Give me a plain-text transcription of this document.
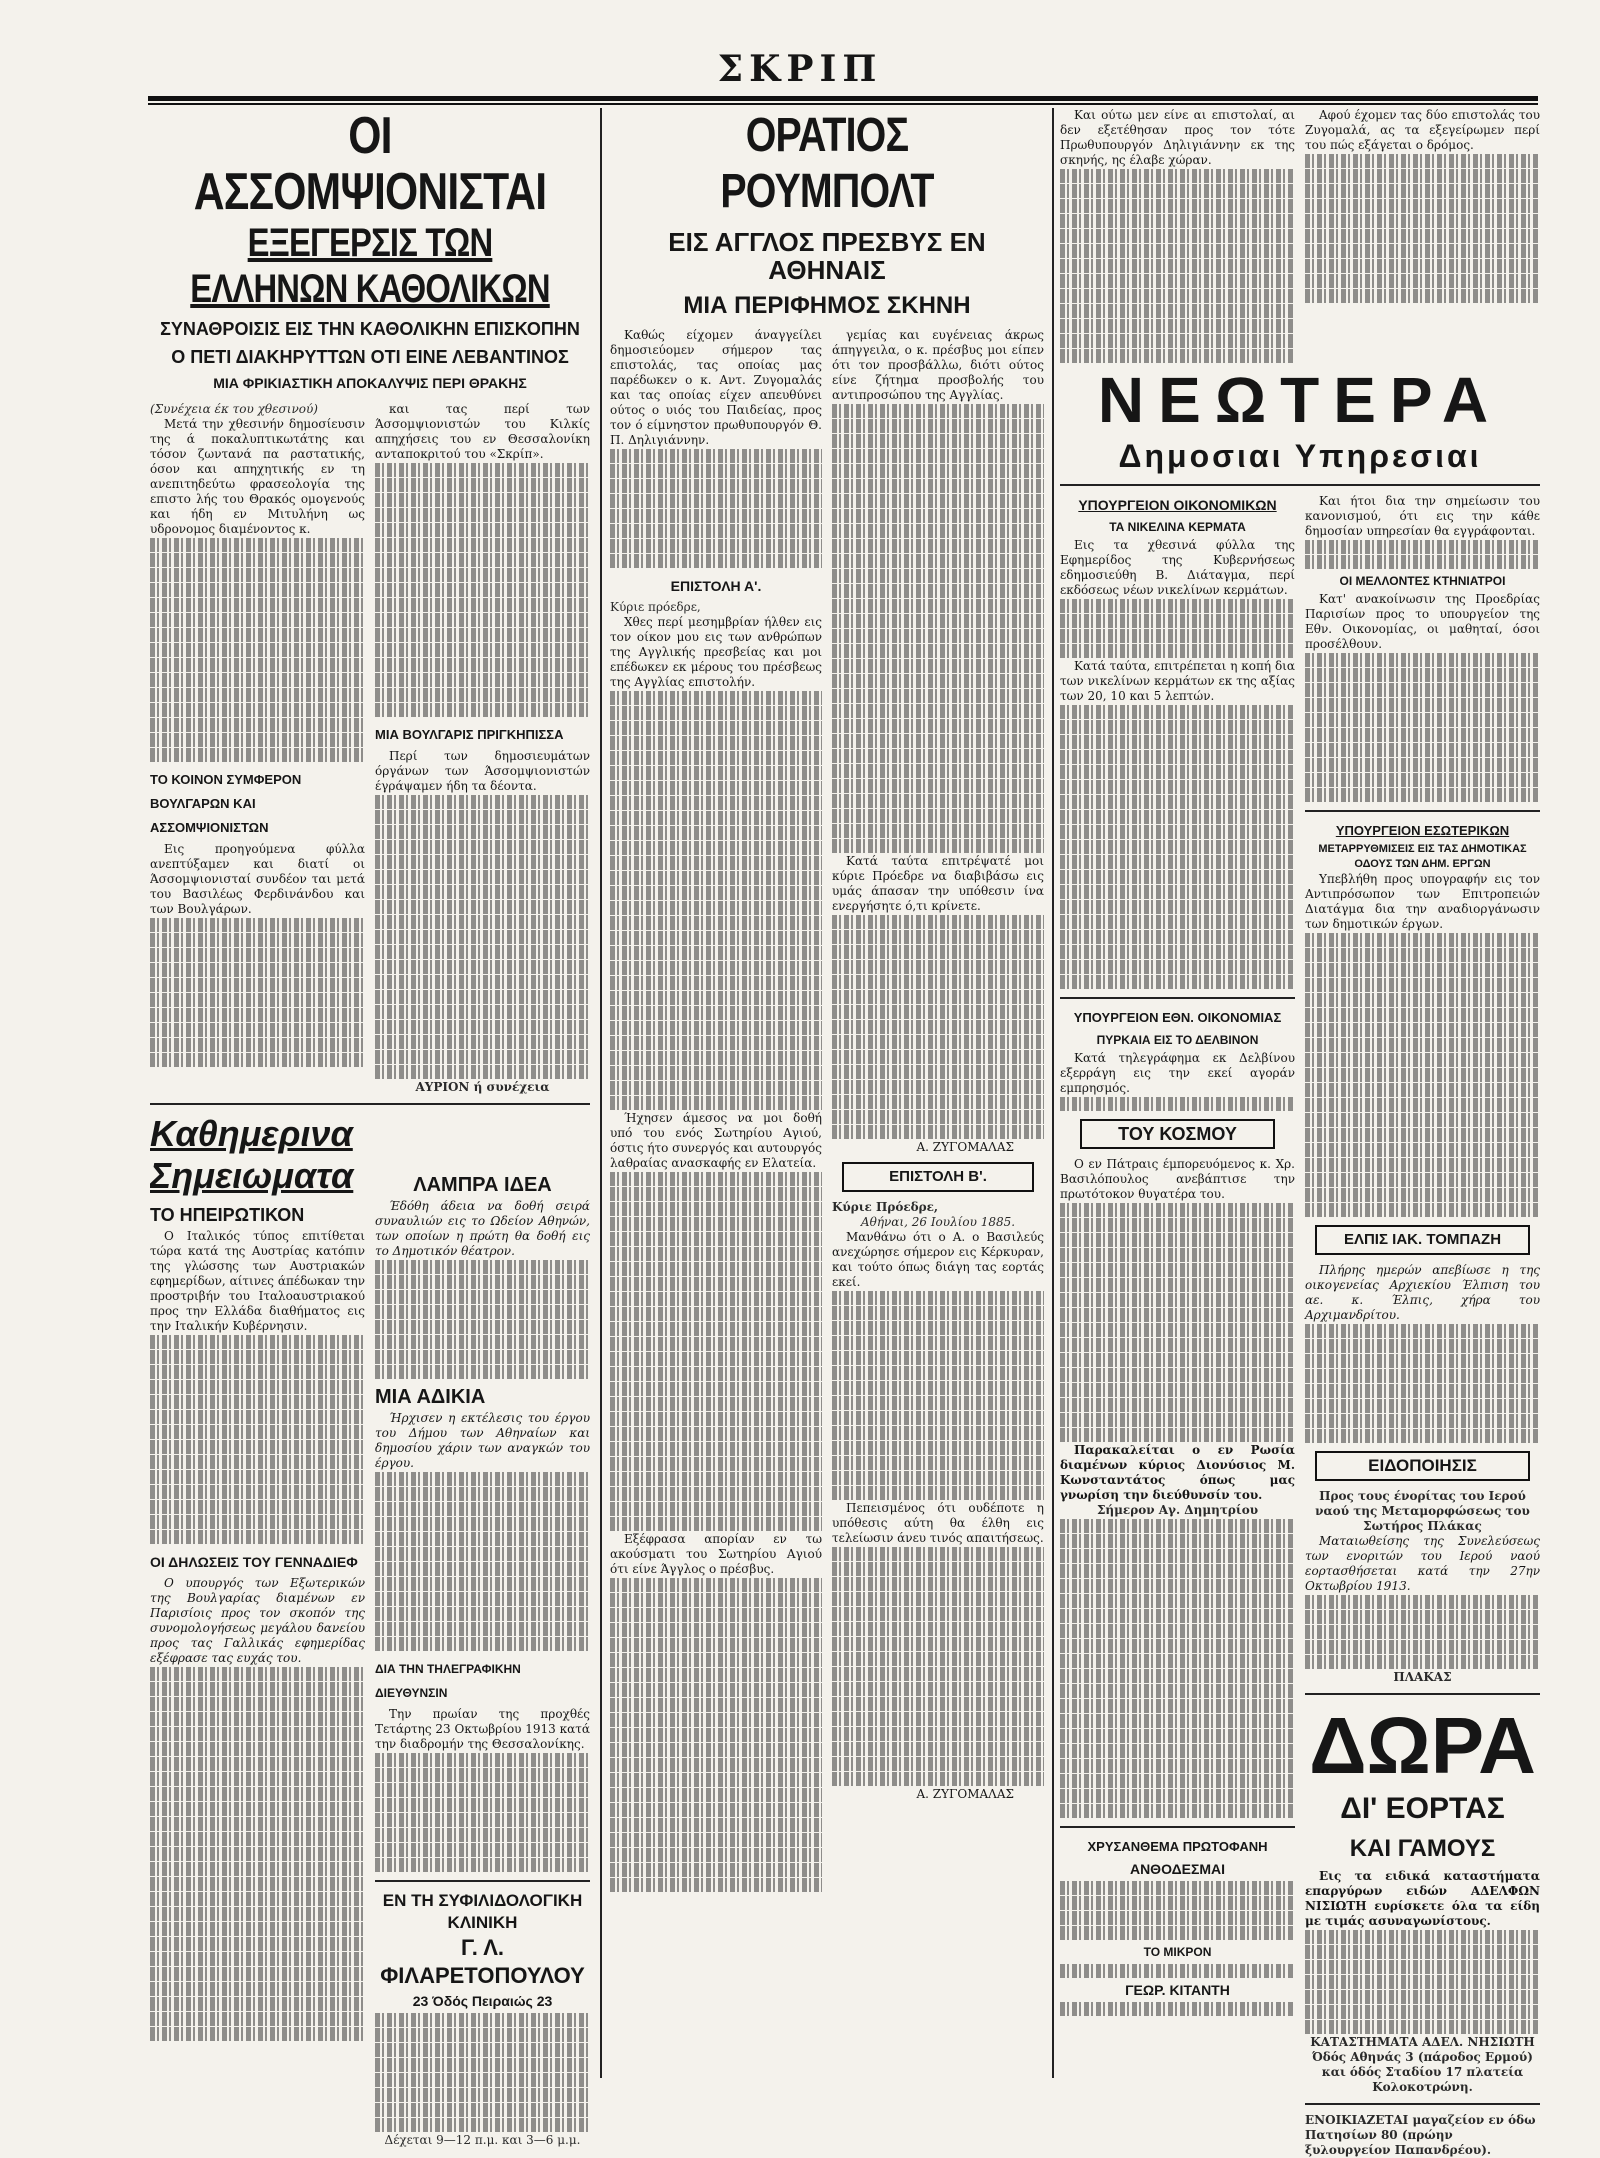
ΣΚΡΙΠ
ΟΙ ΑΣΣΟΜΨΙΟΝΙΣΤΑΙ
ΕΞΕΓΕΡΣΙΣ ΤΩΝ ΕΛΛΗΝΩΝ ΚΑΘΟΛΙΚΩΝ
ΣΥΝΑΘΡΟΙΣΙΣ ΕΙΣ ΤΗΝ ΚΑΘΟΛΙΚΗΝ ΕΠΙΣΚΟΠΗΝ
Ο ΠΕΤΙ ΔΙΑΚΗΡΥΤΤΩΝ ΟΤΙ ΕΙΝΕ ΛΕΒΑΝΤΙΝΟΣ
ΜΙΑ ΦΡΙΚΙΑΣΤΙΚΗ ΑΠΟΚΑΛΥΨΙΣ ΠΕΡΙ ΘΡΑΚΗΣ
(Συνέχεια έκ του χθεσινού)

Μετά την χθεσινήν δημοσίευσιν της ά ποκαλυπτικωτάτης και τόσον ζωντανά πα ραστατικής, όσον και απηχητικής εν τη ανεπιτηδεύτω φρασεολογία της επιστο λής του Θρακός ομογενούς και ήδη εν Μιτυλήνη ως υδρονομος διαμένοντος κ.

ΤΟ ΚΟΙΝΟΝ ΣΥΜΦΕΡΟΝ ΒΟΥΛΓΑΡΩΝ ΚΑΙ ΑΣΣΟΜΨΙΟΝΙΣΤΩΝ

Εις προηγούμενα φύλλα ανεπτύξαμεν και διατί οι Άσσομψιονισταί συνδέον ται μετά του Βασιλέως Φερδινάνδου και των Βουλγάρων.

και τας περί των Άσσομψιονιστών του Κιλκίς απηχήσεις του εν Θεσσαλονίκη ανταποκριτού του «Σκρίπ».

ΜΙΑ ΒΟΥΛΓΑΡΙΣ ΠΡΙΓΚΗΠΙΣΣΑ

Περί των δημοσιευμάτων όργάνων των Άσσομψιονιστών έγράψαμεν ήδη τα δέοντα.

ΑΥΡΙΟΝ ή συνέχεια
Καθημερινα
Σημειωματα
ΤΟ ΗΠΕΙΡΩΤΙΚΟΝ

Ο Ιταλικός τύπος επιτίθεται τώρα κατά της Αυστρίας κατόπιν της γλώσσης των Αυστριακών εφημερίδων, αίτινες άπέδωκαν την προστριβήν του Ιταλοαυστριακού προς την Ελλάδα διαθήματος εις την Ιταλικήν Κυβέρνησιν.

ΟΙ ΔΗΛΩΣΕΙΣ ΤΟΥ ΓΕΝΝΑΔΙΕΦ

Ο υπουργός των Εξωτερικών της Βουλγαρίας διαμένων εν Παρισίοις προς τον σκοπόν της συνομολογήσεως μεγάλου δανείου προς τας Γαλλικάς εφημερίδας εξέφρασε τας ευχάς του.

ΛΑΜΠΡΑ ΙΔΕΑ

Έδόθη άδεια να δοθή σειρά συναυλιών εις το Ωδείον Αθηνών, των οποίων η πρώτη θα δοθή εις το Δημοτικόν θέατρον.

ΜΙΑ ΑΔΙΚΙΑ

Ήρχισεν η εκτέλεσις του έργου του Δήμου των Αθηναίων και δημοσίου χάριν των αναγκών του έργου.

ΔΙΑ ΤΗΝ ΤΗΛΕΓΡΑΦΙΚΗΝ ΔΙΕΥΘΥΝΣΙΝ

Την πρωίαν της προχθές Τετάρτης 23 Οκτωβρίου 1913 κατά την διαδρομήν της Θεσσαλονίκης.

ΕΝ ΤΗ ΣΥΦΙΛΙΔΟΛΟΓΙΚΗ ΚΛΙΝΙΚΗ
Γ. Λ. ΦΙΛΑΡΕΤΟΠΟΥΛΟΥ
23 Όδός Πειραιώς 23
Δέχεται 9—12 π.μ. και 3—6 μ.μ.
ΟΡΑΤΙΟΣ ΡΟΥΜΠΟΛΤ
ΕΙΣ ΑΓΓΛΟΣ ΠΡΕΣΒΥΣ ΕΝ ΑΘΗΝΑΙΣ
ΜΙΑ ΠΕΡΙΦΗΜΟΣ ΣΚΗΝΗ

Καθώς είχομεν άναγγείλει δημοσιεύομεν σήμερον τας επιστολάς, τας οποίας μας παρέδωκεν ο κ. Αντ. Ζυγομαλάς και τας οποίας είχεν απευθύνει ούτος ο υιός του Παιδείας, προς τον ό είμνηστον πρωθυπουργόν Θ. Π. Δηλιγιάννην.

ΕΠΙΣΤΟΛΗ Α'.
Κύριε πρόεδρε,

Χθες περί μεσημβρίαν ήλθεν εις τον οίκον μου εις των ανθρώπων της Αγγλικής πρεσβείας και μοι επέδωκεν εκ μέρους του πρέσβεως της Αγγλίας επιστολήν.

Ήχησεν άμεσος να μοι δοθή υπό του ενός Σωτηρίου Αγιού, όστις ήτο συνεργός και αυτουργός λαθραίας ανασκαφής εν Ελατεία.

Εξέφρασα απορίαν εν τω ακούσματι του Σωτηρίου Αγιού ότι είνε Άγγλος ο πρέσβυς.

γεμίας και ευγένειας άκρως άπηγγειλα, ο κ. πρέσβυς μοι είπεν ότι τον προσβάλλω, διότι ούτος είνε ζήτημα προσβολής του αντιπροσώπου της Αγγλίας.

Κατά ταύτα επιτρέψατέ μοι κύριε Πρόεδρε να διαβιβάσω εις υμάς άπασαν την υπόθεσιν ίνα ενεργήσητε ό,τι κρίνετε.

Α. ΖΥΓΟΜΑΛΑΣ
ΕΠΙΣΤΟΛΗ Β'.
Κύριε Πρόεδρε,
Αθήναι, 26 Ιουλίου 1885.

Μανθάνω ότι ο Α. ο Βασιλεύς ανεχώρησε σήμερον εις Κέρκυραν, και τούτο όπως διάγη τας εορτάς εκεί.

Πεπεισμένος ότι ουδέποτε η υπόθεσις αύτη θα έλθη εις τελείωσιν άνευ τινός απαιτήσεως.

Α. ΖΥΓΟΜΑΛΑΣ

Και ούτω μεν είνε αι επιστολαί, αι δεν εξετέθησαν προς τον τότε Πρωθυπουργόν Δηλιγιάννην εκ της σκηνής, ης έλαβε χώραν.

Αφού έχομεν τας δύο επιστολάς του Ζυγομαλά, ας τα εξεγείρωμεν περί του πώς εξάγεται ο δρόμος.

ΝΕΩΤΕΡΑ
Δημοσιαι Υπηρεσιαι
ΥΠΟΥΡΓΕΙΟΝ ΟΙΚΟΝΟΜΙΚΩΝ
ΤΑ ΝΙΚΕΛΙΝΑ ΚΕΡΜΑΤΑ

Εις τα χθεσινά φύλλα της Εφημερίδος της Κυβερνήσεως εδημοσιεύθη Β. Διάταγμα, περί εκδόσεως νέων νικελίνων κερμάτων.

Κατά ταύτα, επιτρέπεται η κοπή δια των νικελίνων κερμάτων εκ της αξίας των 20, 10 και 5 λεπτών.

ΥΠΟΥΡΓΕΙΟΝ ΕΘΝ. ΟΙΚΟΝΟΜΙΑΣ
ΠΥΡΚΑΙΑ ΕΙΣ ΤΟ ΔΕΛΒΙΝΟΝ

Κατά τηλεγράφημα εκ Δελβίνου εξερράγη εις την εκεί αγοράν εμπρησμός.

ΤΟΥ ΚΟΣΜΟΥ

Ο εν Πάτραις έμπορευόμενος κ. Χρ. Βασιλόπουλος ανεβάπτισε την πρωτότοκον θυγατέρα του.

Παρακαλείται ο εν Ρωσία διαμένων κύριος Διονύσιος Μ. Κωνσταντάτος όπως μας γνωρίση την διεύθυνσίν του.

Σήμερον Αγ. Δημητρίου
ΧΡΥΣΑΝΘΕΜΑ ΠΡΩΤΟΦΑΝΗ
ΑΝΘΟΔΕΣΜΑΙ
ΤΟ ΜΙΚΡΟΝ
ΓΕΩΡ. ΚΙΤΑΝΤΗ

Και ήτοι δια την σημείωσιν του κανονισμού, ότι εις την κάθε δημοσίαν υπηρεσίαν θα εγγράφονται.

ΟΙ ΜΕΛΛΟΝΤΕΣ ΚΤΗΝΙΑΤΡΟΙ

Κατ' ανακοίνωσιν της Προεδρίας Παρισίων προς το υπουργείον της Εθν. Οικονομίας, οι μαθηταί, όσοι προσέλθουν.

ΥΠΟΥΡΓΕΙΟΝ ΕΣΩΤΕΡΙΚΩΝ
ΜΕΤΑΡΡΥΘΜΙΣΕΙΣ ΕΙΣ ΤΑΣ ΔΗΜΟΤΙΚΑΣ ΟΔΟΥΣ ΤΩΝ ΔΗΜ. ΕΡΓΩΝ

Υπεβλήθη προς υπογραφήν εις τον Αντιπρόσωπον των Επιτροπειών Διατάγμα δια την αναδιοργάνωσιν των δημοτικών έργων.

ΕΛΠΙΣ ΙΑΚ. ΤΟΜΠΑΖΗ

Πλήρης ημερών απεβίωσε η της οικογενείας Αρχιεκίου Έλπιση του αε. κ. Έλπις, χήρα του Αρχιμανδρίτου.

ΕΙΔΟΠΟΙΗΣΙΣ
Προς τους ένορίτας του Ιερού ναού της Μεταμορφώσεως του Σωτήρος Πλάκας

Ματαιωθείσης της Συνελεύσεως των ενοριτών του Ιερού ναού εορτασθήσεται κατά την 27ην Οκτωβρίου 1913.

ΠΛΑΚΑΣ
ΔΩΡΑ
ΔΙ' ΕΟΡΤΑΣ
ΚΑΙ ΓΑΜΟΥΣ

Εις τα ειδικά καταστήματα επαργύρων ειδών ΑΔΕΛΦΩΝ ΝΙΣΙΩΤΗ ευρίσκετε όλα τα είδη με τιμάς ασυναγωνίστους.

ΚΑΤΑΣΤΗΜΑΤΑ ΑΔΕΛ. ΝΗΣΙΩΤΗ
Όδός Αθηνάς 3 (πάροδος Ερμού) και όδός Σταδίου 17 πλατεία Κολοκοτρώνη.
ΕΝΟΙΚΙΑΖΕΤΑΙ μαγαζείον εν όδω Πατησίων 80 (πρώην ξυλουργείον Παπανδρέου).
